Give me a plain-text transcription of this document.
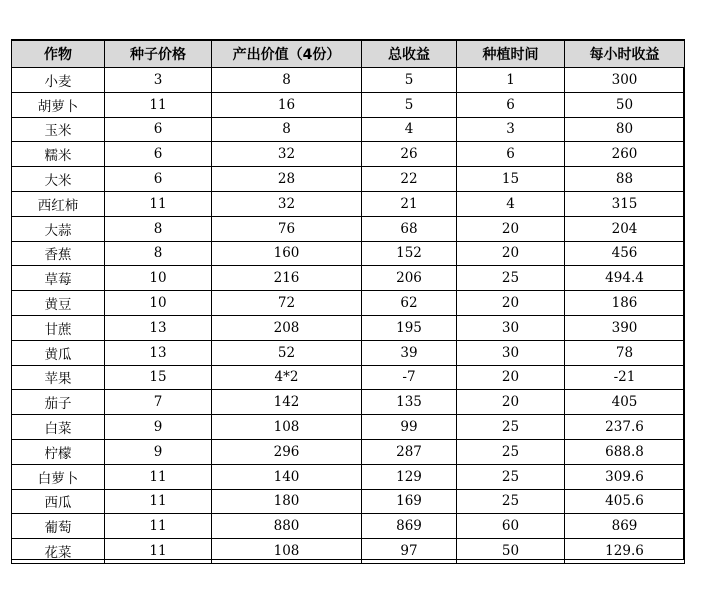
作物	种子价格	产出价值（4份）	总收益	种植时间	每小时收益
小麦	3	8	5	1	300
胡萝卜	11	16	5	6	50
玉米	6	8	4	3	80
糯米	6	32	26	6	260
大米	6	28	22	15	88
西红柿	11	32	21	4	315
大蒜	8	76	68	20	204
香蕉	8	160	152	20	456
草莓	10	216	206	25	494.4
黄豆	10	72	62	20	186
甘蔗	13	208	195	30	390
黄瓜	13	52	39	30	78
苹果	15	4*2	-7	20	-21
茄子	7	142	135	20	405
白菜	9	108	99	25	237.6
柠檬	9	296	287	25	688.8
白萝卜	11	140	129	25	309.6
西瓜	11	180	169	25	405.6
葡萄	11	880	869	60	869
花菜	11	108	97	50	129.6
